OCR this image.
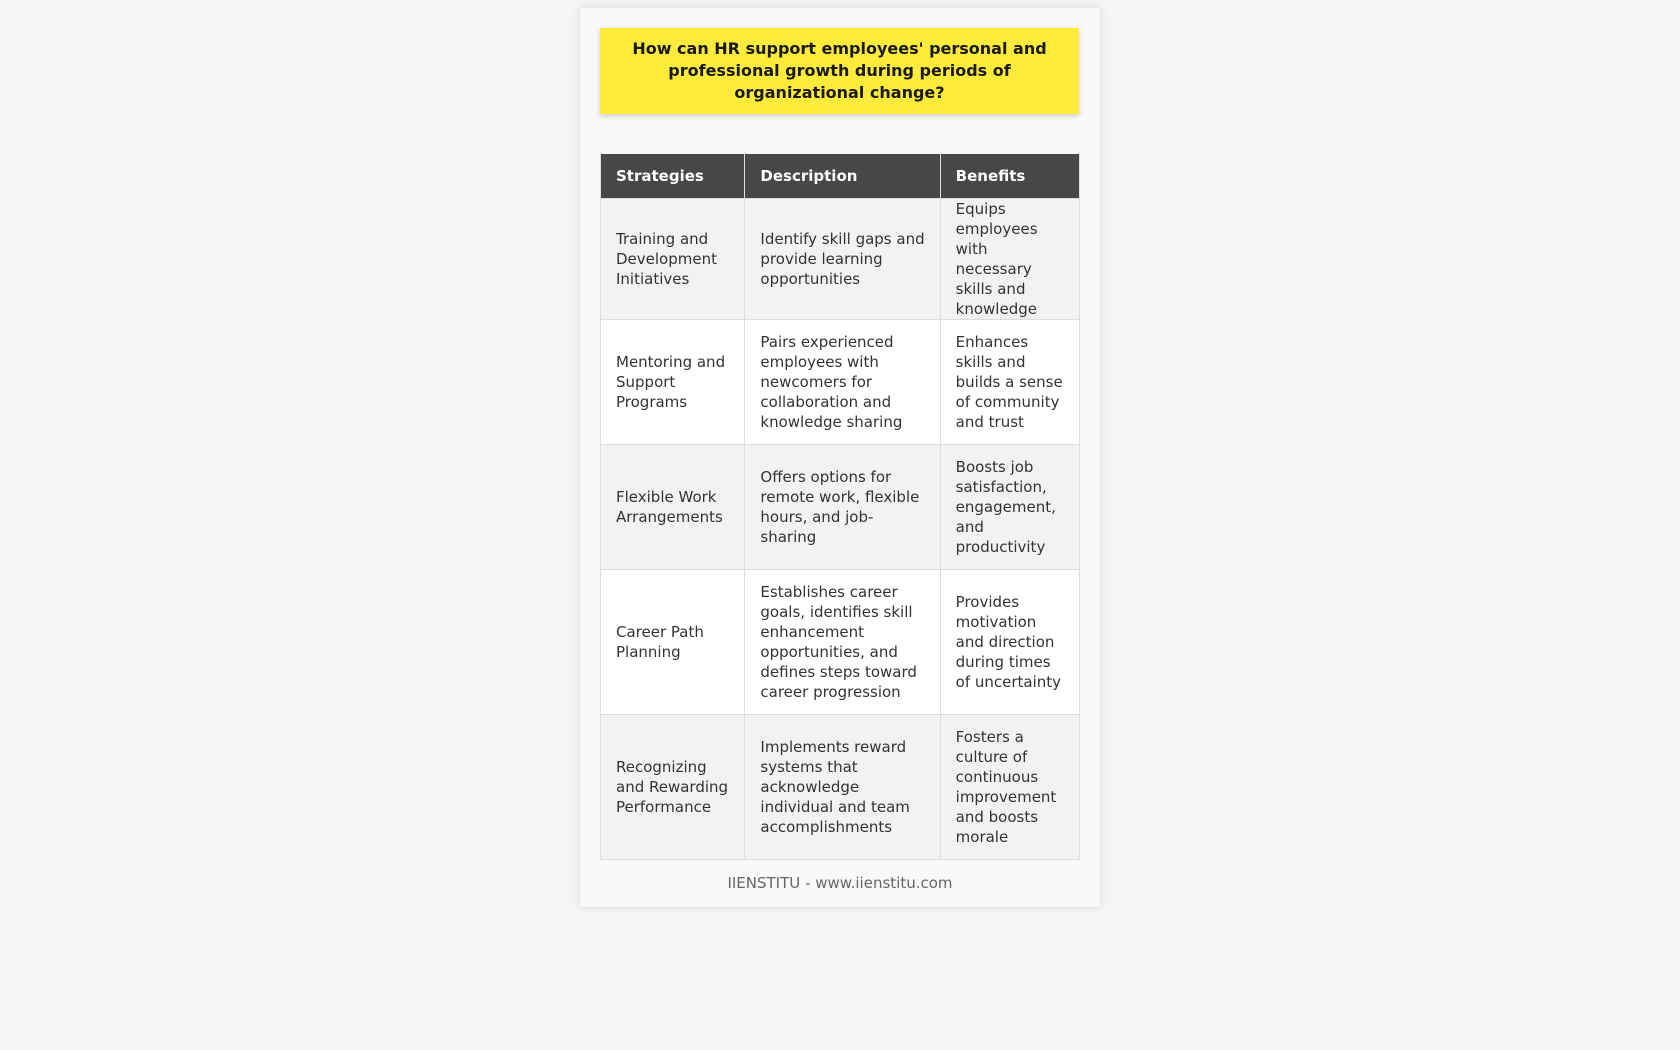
How can HR support employees' personal and professional growth during periods of organizational change?
Strategies	Description	Benefits
Training and Development Initiatives	Identify skill gaps and provide learning opportunities	Equips employees with necessary skills and knowledge
Mentoring and Support Programs	Pairs experienced employees with newcomers for collaboration and knowledge sharing	Enhances skills and builds a sense of community and trust
Flexible Work Arrangements	Offers options for remote work, flexible hours, and job-sharing	Boosts job satisfaction, engagement, and productivity
Career Path Planning	Establishes career goals, identifies skill enhancement opportunities, and defines steps toward career progression	Provides motivation and direction during times of uncertainty
Recognizing and Rewarding Performance	Implements reward systems that acknowledge individual and team accomplishments	Fosters a culture of continuous improvement and boosts morale
IIENSTITU - www.iienstitu.com
